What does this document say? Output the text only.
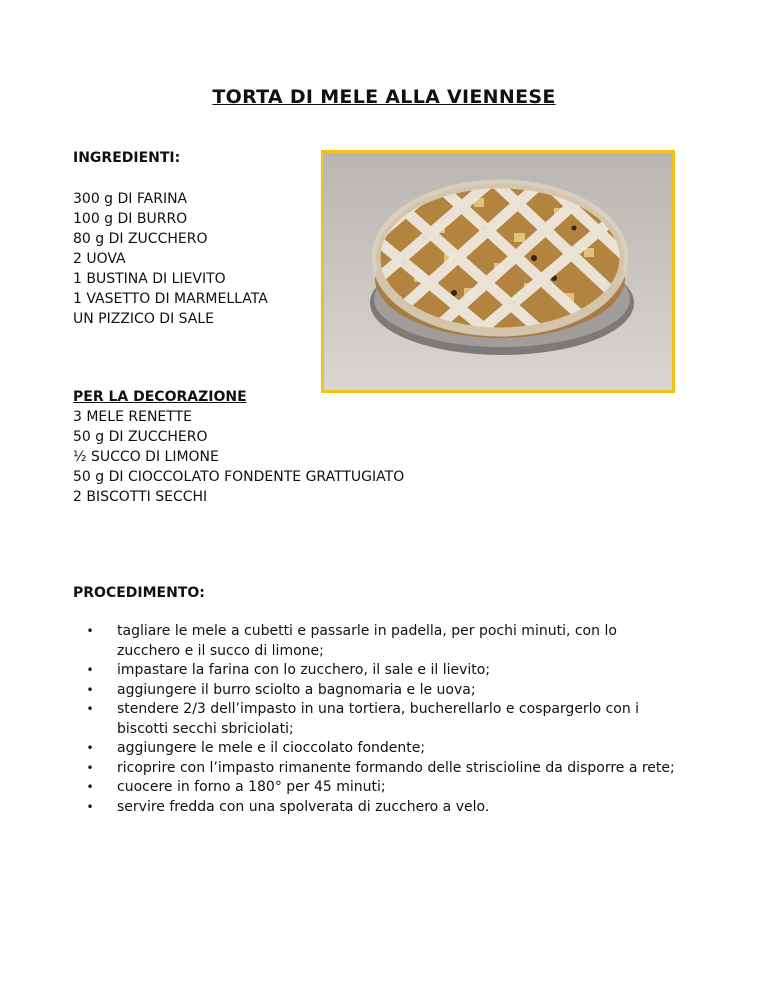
TORTA DI MELE ALLA VIENNESE
INGREDIENTI:
300 g DI FARINA
100 g DI BURRO
80 g DI ZUCCHERO
2 UOVA
1 BUSTINA DI LIEVITO
1 VASETTO DI MARMELLATA
UN PIZZICO DI SALE
PER LA DECORAZIONE
3 MELE RENETTE
50 g DI ZUCCHERO
½ SUCCO DI LIMONE
50 g DI CIOCCOLATO FONDENTE GRATTUGIATO
2 BISCOTTI SECCHI
PROCEDIMENTO:
•	tagliare le mele a cubetti e passarle in padella, per pochi minuti, con lo zucchero e il succo di limone;
•	impastare la farina con lo zucchero, il sale e il lievito;
•	aggiungere il burro sciolto a bagnomaria e le uova;
•	stendere 2/3 dell’impasto in una tortiera, bucherellarlo e cospargerlo con i biscotti secchi sbriciolati;
•	aggiungere le mele e il cioccolato fondente;
•	ricoprire con l’impasto rimanente formando delle striscioline da disporre a rete;
•	cuocere in forno a 180° per 45 minuti;
•	servire fredda con una spolverata di zucchero a velo.
